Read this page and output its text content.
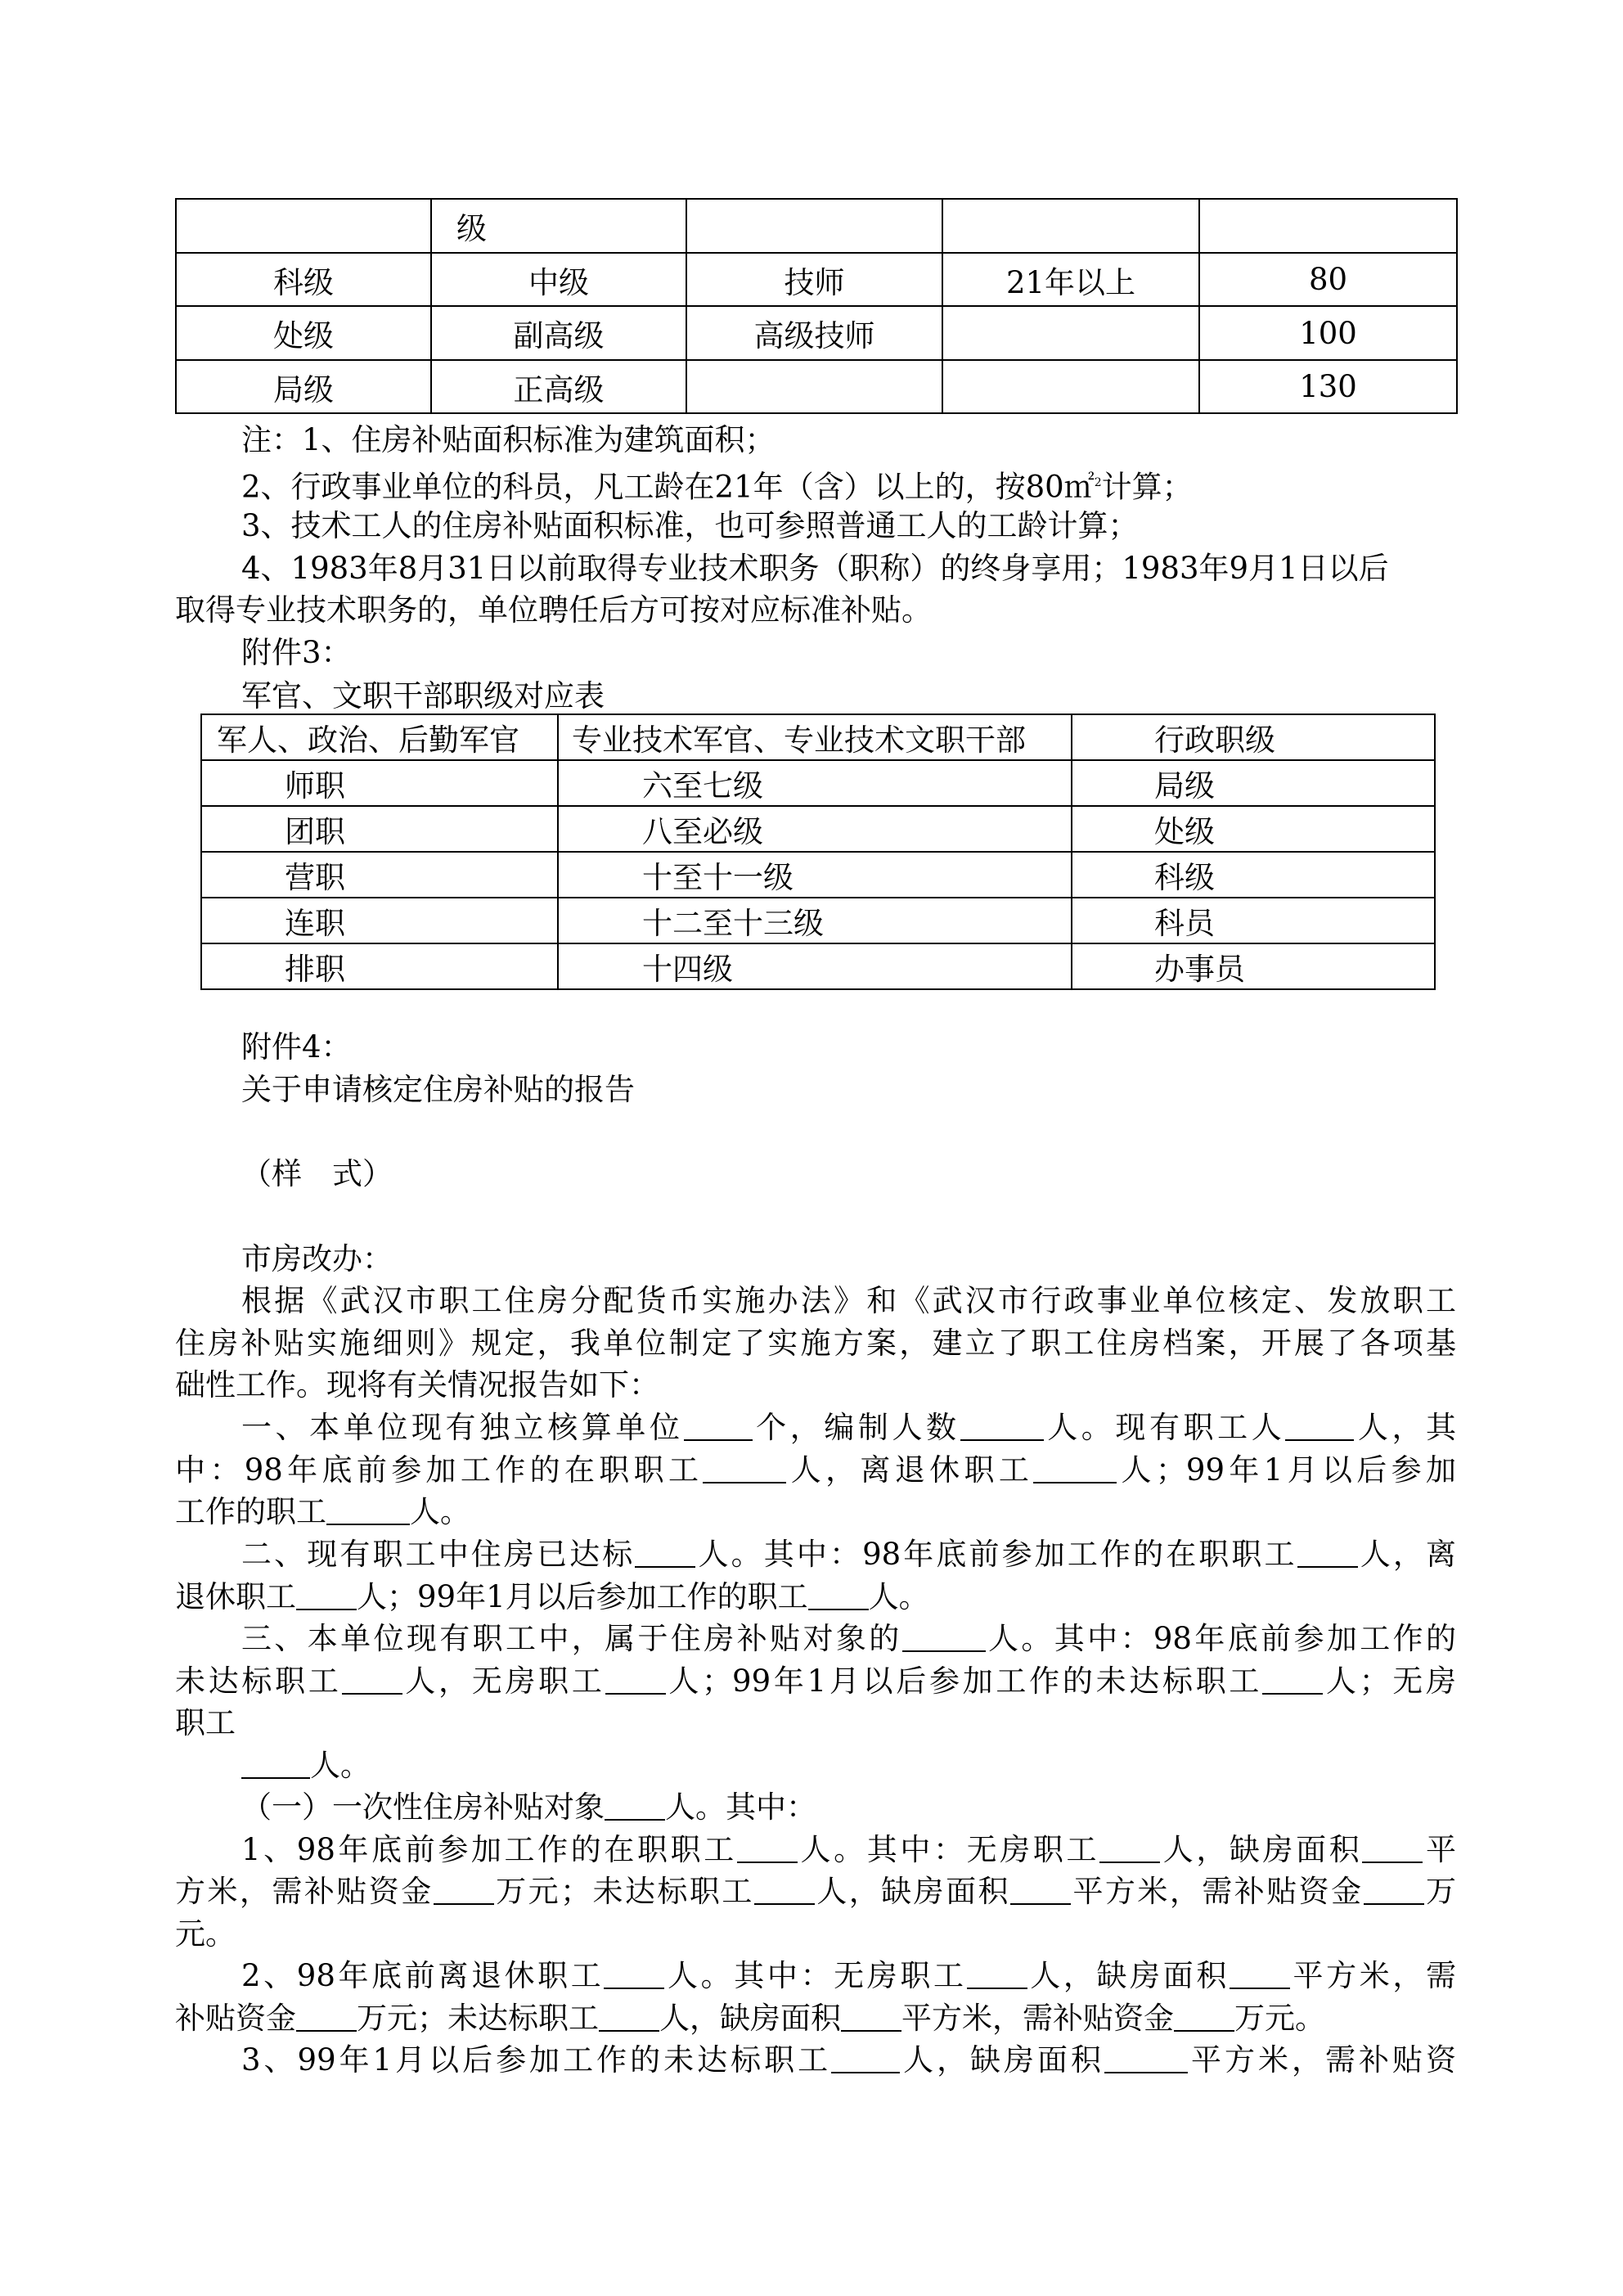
	级			
科级	中级	技师	21年以上	80
处级	副高级	高级技师		100
局级	正高级			130

注：1、住房补贴面积标准为建筑面积；

2、行政事业单位的科员，凡工龄在21年（含）以上的，按80㎡$^2$计算；

3、技术工人的住房补贴面积标准，也可参照普通工人的工龄计算；

4、1983年8月31日以前取得专业技术职务（职称）的终身享用；1983年9月1日以后

取得专业技术职务的，单位聘任后方可按对应标准补贴。

附件3：

军官、文职干部职级对应表

军人、政治、后勤军官	专业技术军官、专业技术文职干部	行政职级
师职	六至七级	局级
团职	八至必级	处级
营职	十至十一级	科级
连职	十二至十三级	科员
排职	十四级	办事员

附件4：

关于申请核定住房补贴的报告

（样　式）

市房改办：

根据《武汉市职工住房分配货币实施办法》和《武汉市行政事业单位核定、发放职工

住房补贴实施细则》规定，我单位制定了实施方案，建立了职工住房档案，开展了各项基

础性工作。现将有关情况报告如下：

一、本单位现有独立核算单位 个，编制人数	人。现有职工人 人，其

中：98年底前参加工作的在职职工	人，离退休职工	人；99年1月以后参加

工作的职工	人。

二、现有职工中住房已达标 人。其中：98年底前参加工作的在职职工 人，离

退休职工 人；99年1月以后参加工作的职工 人。

三、本单位现有职工中，属于住房补贴对象的	人。其中：98年底前参加工作的

未达标职工 人，无房职工 人；99年1月以后参加工作的未达标职工 人；无房

职工

人。

（一）一次性住房补贴对象 人。其中：

1、98年底前参加工作的在职职工 人。其中：无房职工 人，缺房面积 平

方米，需补贴资金 万元；未达标职工 人，缺房面积 平方米，需补贴资金 万

元。

2、98年底前离退休职工 人。其中：无房职工 人，缺房面积 平方米，需

补贴资金 万元；未达标职工 人，缺房面积 平方米，需补贴资金 万元。

3、99年1月以后参加工作的未达标职工 人，缺房面积	平方米，需补贴资
